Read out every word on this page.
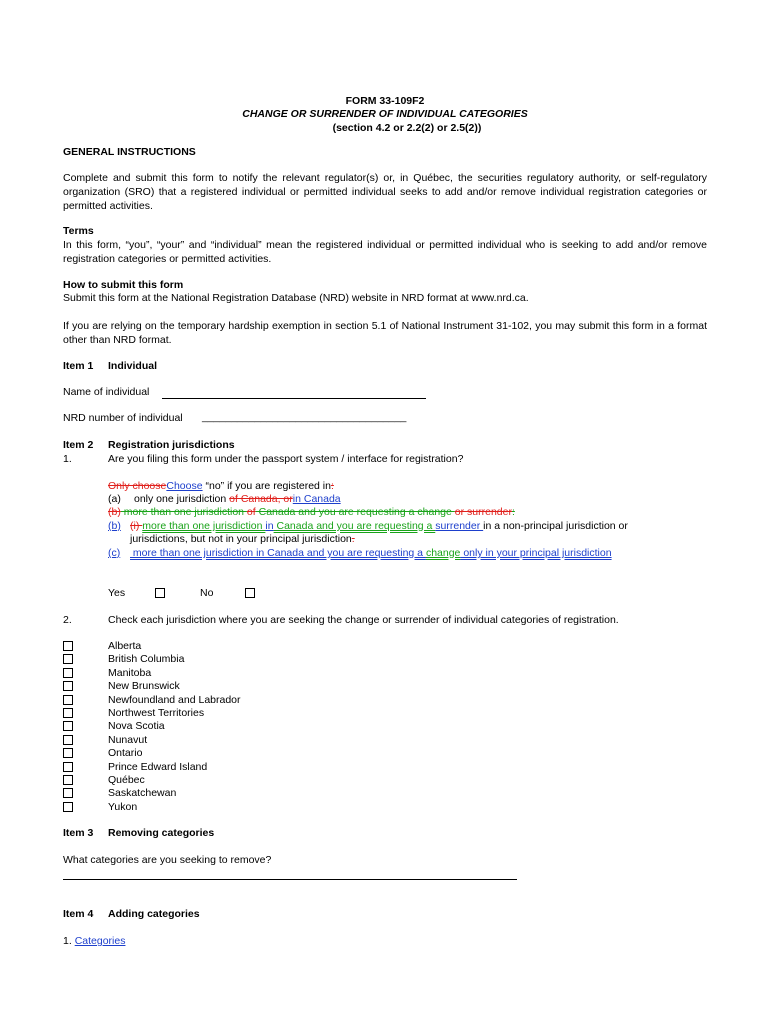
FORM 33-109F2
CHANGE OR SURRENDER OF INDIVIDUAL CATEGORIES
(section 4.2 or 2.2(2) or 2.5(2))
GENERAL INSTRUCTIONS
Complete and submit this form to notify the relevant regulator(s) or, in Québec, the securities regulatory authority, or self-regulatory organization (SRO) that a registered individual or permitted individual seeks to add and/or remove individual registration categories or permitted activities.
Terms
In this form, “you”, “your” and “individual” mean the registered individual or permitted individual who is seeking to add and/or remove registration categories or permitted activities.
How to submit this form
Submit this form at the National Registration Database (NRD) website in NRD format at www.nrd.ca.
If you are relying on the temporary hardship exemption in section 5.1 of National Instrument 31-102, you may submit this form in a format other than NRD format.
Item 1 Individual
Name of individual
NRD number of individual ___________________________________
Item 2 Registration jurisdictions
1.	Are you filing this form under the passport system / interface for registration?
Only chooseChoose “no” if you are registered in:
(a) only one jurisdiction of Canada, orin Canada
(b) more than one jurisdiction of Canada and you are requesting a change or surrender:
(b) (i) more than one jurisdiction in Canada and you are requesting a surrender in a non-principal jurisdiction or
jurisdictions, but not in your principal jurisdiction.
(c) more than one jurisdiction in Canada and you are requesting a change only in your principal jurisdiction
Yes	No
2.	Check each jurisdiction where you are seeking the change or surrender of individual categories of registration.
Alberta
British Columbia
Manitoba
New Brunswick
Newfoundland and Labrador
Northwest Territories
Nova Scotia
Nunavut
Ontario
Prince Edward Island
Québec
Saskatchewan
Yukon
Item 3 Removing categories
What categories are you seeking to remove?
Item 4 Adding categories
1. Categories
